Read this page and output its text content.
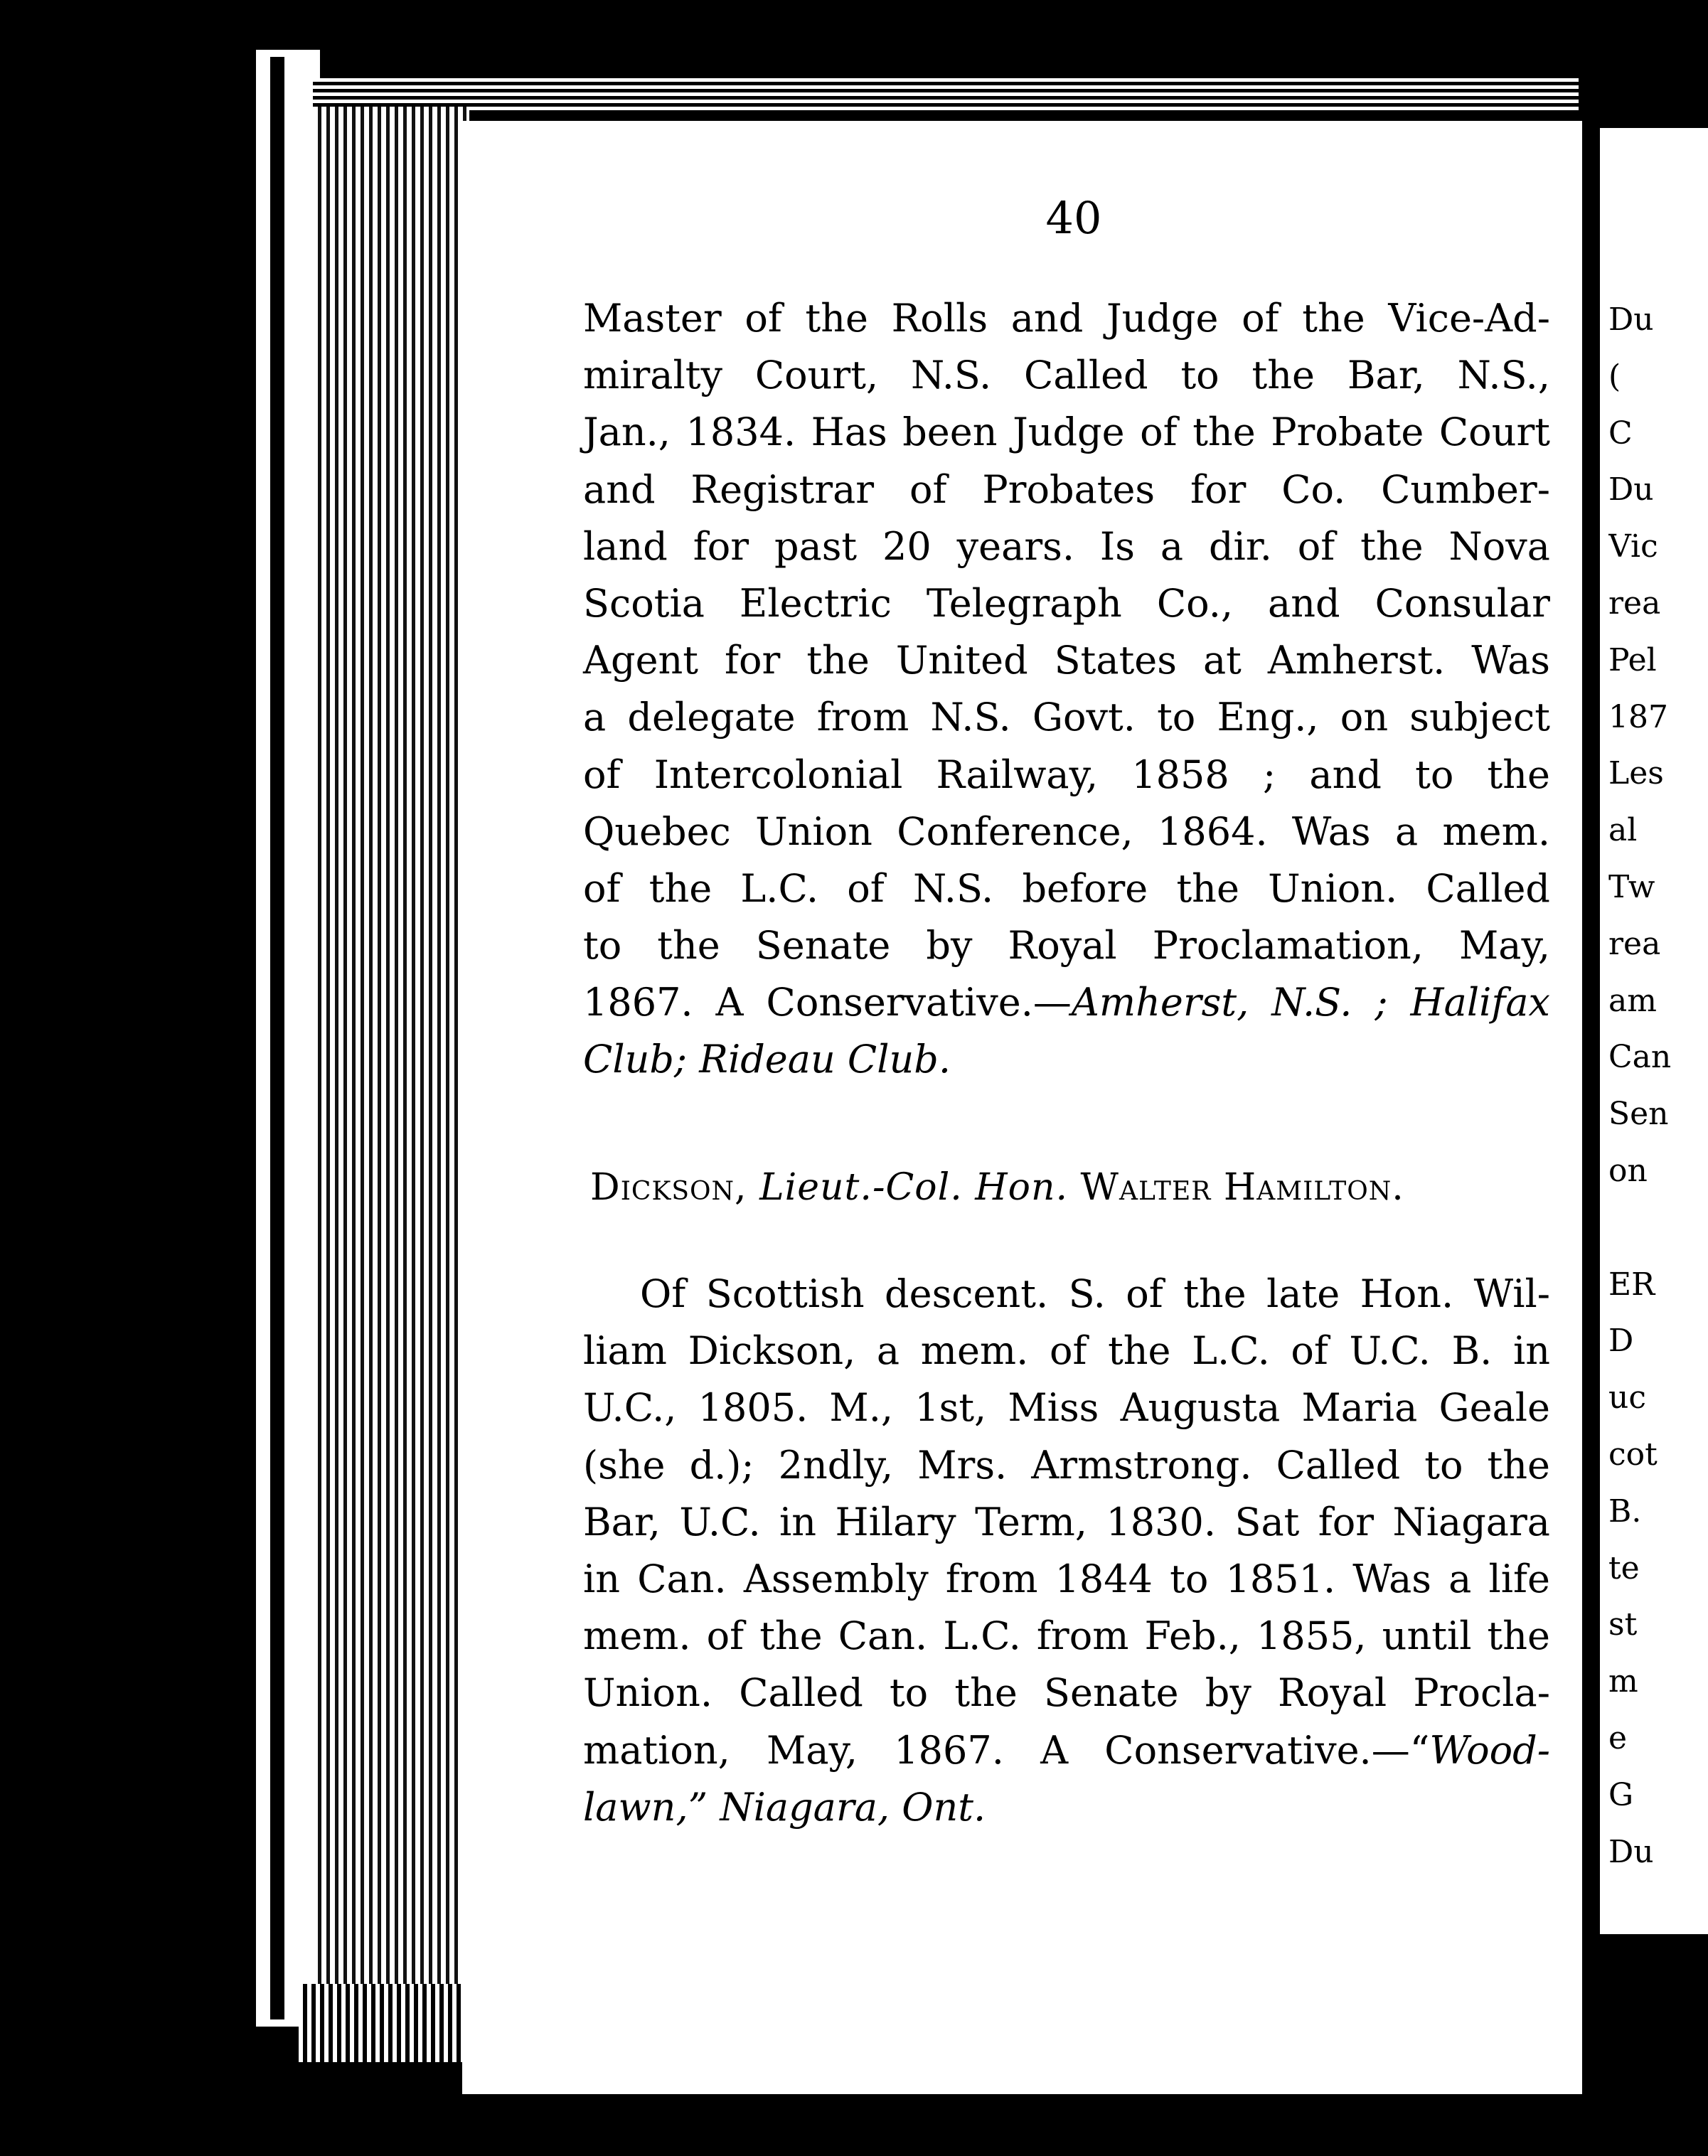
Du
(
C
Du
Vic
rea
Pel
187
Les
al
Tw
rea
am
Can
Sen
on
ER
D
uc
cot
B.
te
st
m
e
G
Du
40
Master of the Rolls and Judge of the Vice-Ad-
miralty Court, N.S. Called to the Bar, N.S.,
Jan., 1834. Has been Judge of the Probate Court
and Registrar of Probates for Co. Cumber-
land for past 20 years. Is a dir. of the Nova
Scotia Electric Telegraph Co., and Consular
Agent for the United States at Amherst. Was
a delegate from N.S. Govt. to Eng., on subject
of Intercolonial Railway, 1858 ; and to the
Quebec Union Conference, 1864. Was a mem.
of the L.C. of N.S. before the Union. Called
to the Senate by Royal Proclamation, May,
1867. A Conservative.—Amherst, N.S. ; Halifax
Club; Rideau Club.
Dickson, Lieut.-Col. Hon. Walter Hamilton.
Of Scottish descent. S. of the late Hon. Wil-
liam Dickson, a mem. of the L.C. of U.C. B. in
U.C., 1805. M., 1st, Miss Augusta Maria Geale
(she d.); 2ndly, Mrs. Armstrong. Called to the
Bar, U.C. in Hilary Term, 1830. Sat for Niagara
in Can. Assembly from 1844 to 1851. Was a life
mem. of the Can. L.C. from Feb., 1855, until the
Union. Called to the Senate by Royal Procla-
mation, May, 1867. A Conservative.—“Wood-
lawn,” Niagara, Ont.
